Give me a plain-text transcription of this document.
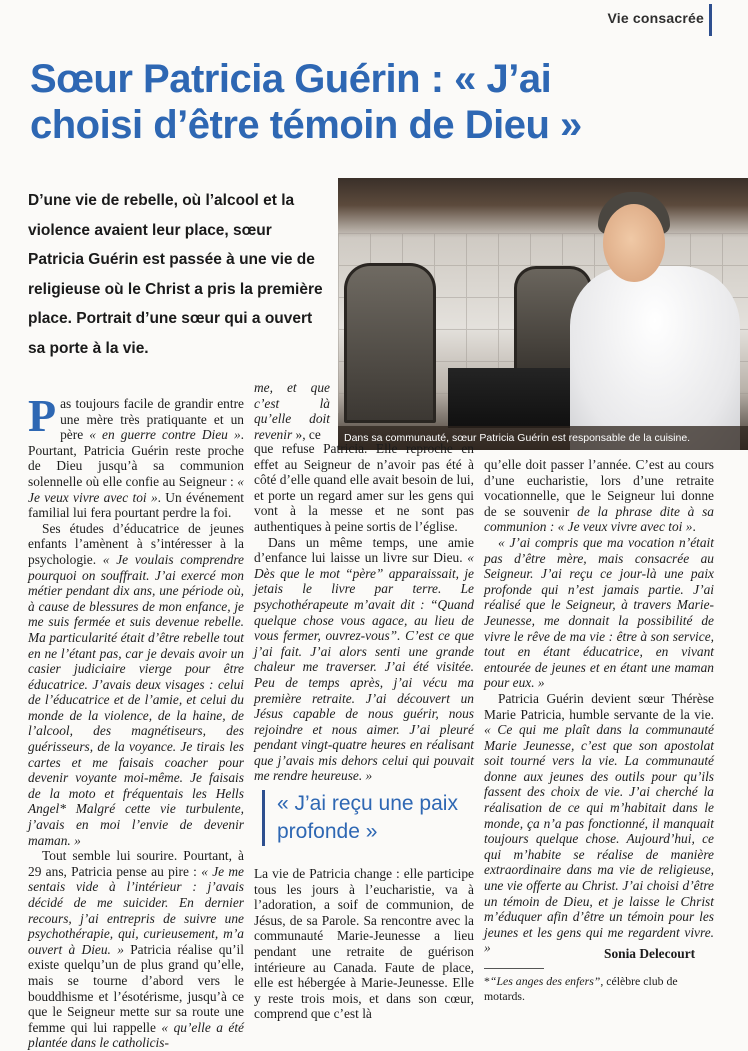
Vie consacrée
Sœur Patricia Guérin : « J’ai
choisi d’être témoin de Dieu »
D’une vie de rebelle, où l’alcool et la violence avaient leur place, sœur Patricia Guérin est passée à une vie de religieuse où le Christ a pris la première place. Portrait d’une sœur qui a ouvert sa porte à la vie.
Dans sa communauté, sœur Patricia Guérin est responsable de la cuisine.

Pas toujours facile de grandir entre une mère très pratiquante et un père « en guerre contre Dieu ». Pourtant, Patricia Guérin reste proche de Dieu jusqu’à sa communion solennelle où elle confie au Seigneur : « Je veux vivre avec toi ». Un événement familial lui fera pourtant perdre la foi.

Ses études d’éducatrice de jeunes enfants l’amènent à s’intéresser à la psychologie. « Je voulais comprendre pourquoi on souffrait. J’ai exercé mon métier pendant dix ans, une période où, à cause de blessures de mon enfance, je me suis fermée et suis devenue rebelle. Ma particularité était d’être rebelle tout en ne l’étant pas, car je devais avoir un casier judiciaire vierge pour être éducatrice. J’avais deux visages : celui de l’éducatrice et de l’amie, et celui du monde de la violence, de la haine, de l’alcool, des magnétiseurs, des guérisseurs, de la voyance. Je tirais les cartes et me faisais coacher pour devenir voyante moi-même. Je faisais de la moto et fréquentais les Hells Angel* Malgré cette vie turbulente, j’avais en moi l’envie de devenir maman. »

Tout semble lui sourire. Pourtant, à 29 ans, Patricia pense au pire : « Je me sentais vide à l’intérieur : j’avais décidé de me suicider. En dernier recours, j’ai entrepris de suivre une psychothérapie, qui, curieusement, m’a ouvert à Dieu. » Patricia réalise qu’il existe quelqu’un de plus grand qu’elle, mais se tourne d’abord vers le bouddhisme et l’ésotérisme, jusqu’à ce que le Seigneur mette sur sa route une femme qui lui rappelle « qu’elle a été plantée dans le catholicis-

me, et que c’est là qu’elle doit revenir », ce

que refuse Patricia. Elle reproche en effet au Seigneur de n’avoir pas été à côté d’elle quand elle avait besoin de lui, et porte un regard amer sur les gens qui vont à la messe et ne sont pas authentiques à peine sortis de l’église.

Dans un même temps, une amie d’enfance lui laisse un livre sur Dieu. « Dès que le mot “père” apparaissait, je jetais le livre par terre. Le psychothérapeute m’avait dit : “Quand quelque chose vous agace, au lieu de vous fermer, ouvrez-vous”. C’est ce que j’ai fait. J’ai alors senti une grande chaleur me traverser. J’ai été visitée. Peu de temps après, j’ai vécu ma première retraite. J’ai découvert un Jésus capable de nous guérir, nous rejoindre et nous aimer. J’ai pleuré pendant vingt-quatre heures en réalisant que j’avais mis dehors celui qui pouvait me rendre heureuse. »

« J’ai reçu une paix profonde »

La vie de Patricia change : elle participe tous les jours à l’eucharistie, va à l’adoration, a soif de communion, de Jésus, de sa Parole. Sa rencontre avec la communauté Marie-Jeunesse a lieu pendant une retraite de guérison intérieure au Canada. Faute de place, elle est hébergée à Marie-Jeunesse. Elle y reste trois mois, et dans son cœur, comprend que c’est là

qu’elle doit passer l’année. C’est au cours d’une eucharistie, lors d’une retraite vocationnelle, que le Seigneur lui donne de se souvenir de la phrase dite à sa communion : « Je veux vivre avec toi ».

« J’ai compris que ma vocation n’était pas d’être mère, mais consacrée au Seigneur. J’ai reçu ce jour-là une paix profonde qui n’est jamais partie. J’ai réalisé que le Seigneur, à travers Marie-Jeunesse, me donnait la possibilité de vivre le rêve de ma vie : être à son service, tout en étant éducatrice, en vivant entourée de jeunes et en étant une maman pour eux. »

Patricia Guérin devient sœur Thérèse Marie Patricia, humble servante de la vie. « Ce qui me plaît dans la communauté Marie Jeunesse, c’est que son apostolat soit tourné vers la vie. La communauté donne aux jeunes des outils pour qu’ils fassent des choix de vie. J’ai cherché la réalisation de ce qui m’habitait dans le monde, ça n’a pas fonctionné, il manquait toujours quelque chose. Aujourd’hui, ce qui m’habite se réalise de manière extraordinaire dans ma vie de religieuse, une vie offerte au Christ. J’ai choisi d’être un témoin de Dieu, et je laisse le Christ m’éduquer afin d’être un témoin pour les jeunes et les gens qui me regardent vivre. »	Sonia Delecourt
*“Les anges des enfers”, célèbre club de motards.
